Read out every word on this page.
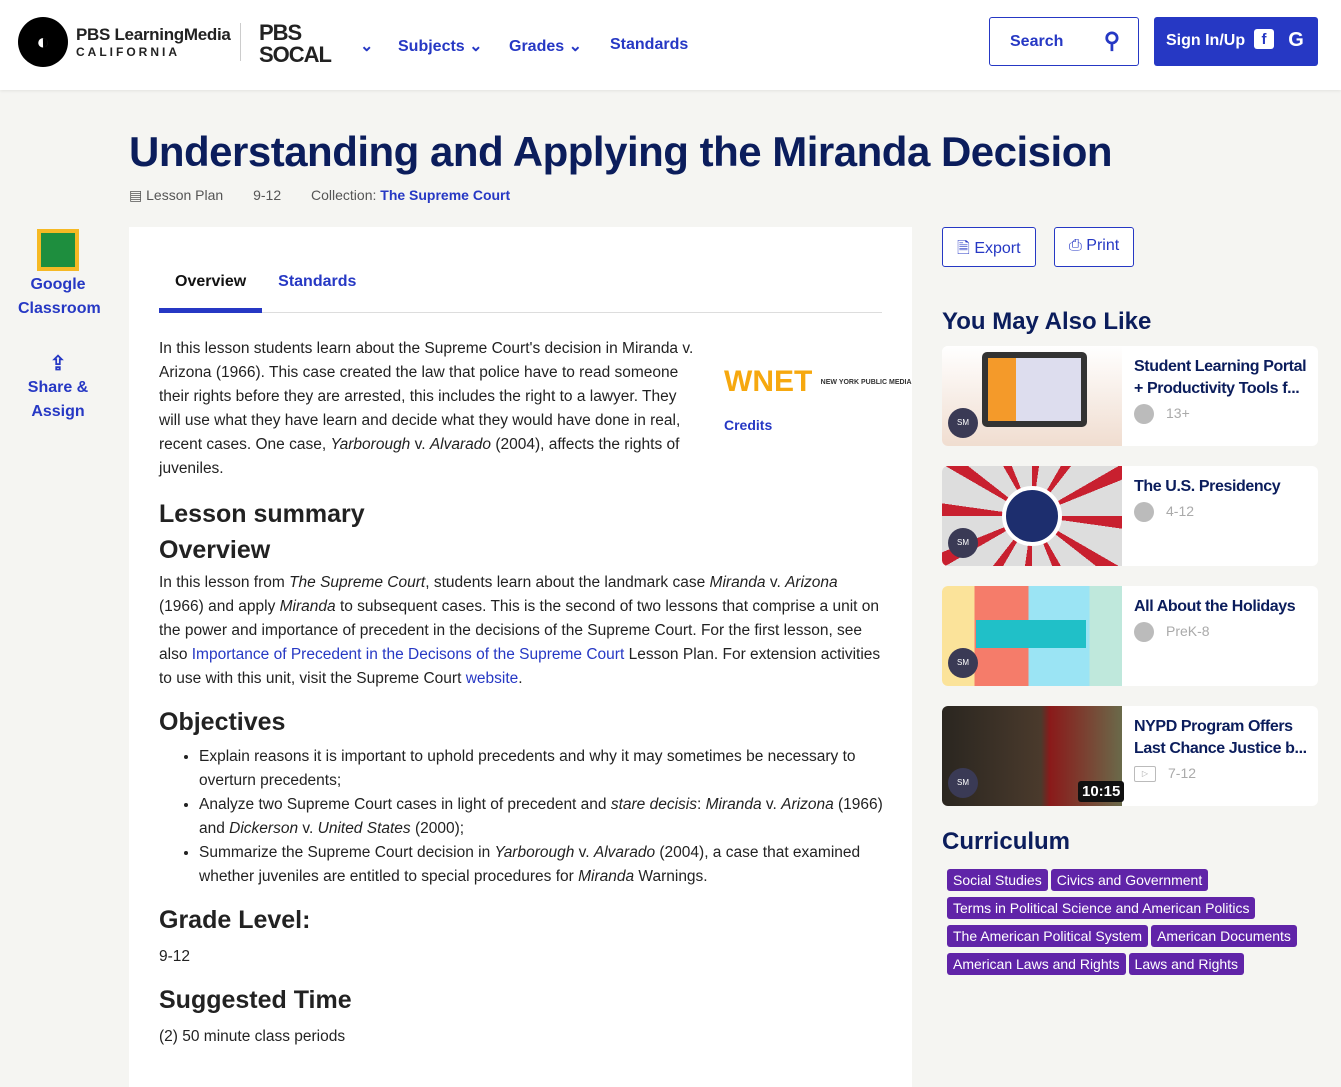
◐	PBS LearningMedia
CALIFORNIA
PBS
SOCAL ⌄ Subjects ⌄ Grades ⌄ Standards	Search ⚲	Sign In/Up	f	G
Understanding and Applying the Miranda Decision
▤ Lesson Plan 9-12 Collection: The Supreme Court
Google Classroom
⇪
Share & Assign
Overview	Standards
In this lesson students learn about the Supreme Court's decision in Miranda v. Arizona (1966). This case created the law that police have to read someone their rights before they are arrested, this includes the right to a lawyer. They will use what they have learn and decide what they would have done in real, recent cases. One case, Yarborough v. Alvarado (2004), affects the rights of juveniles.
WNET NEW YORK PUBLIC MEDIA
Credits
Lesson summary
Overview
In this lesson from The Supreme Court, students learn about the landmark case Miranda v. Arizona (1966) and apply Miranda to subsequent cases. This is the second of two lessons that comprise a unit on the power and importance of precedent in the decisions of the Supreme Court. For the first lesson, see also Importance of Precedent in the Decisons of the Supreme Court Lesson Plan. For extension activities to use with this unit, visit the Supreme Court website.
Objectives
• Explain reasons it is important to uphold precedents and why it may sometimes be necessary to overturn precedents;
• Analyze two Supreme Court cases in light of precedent and stare decisis: Miranda v. Arizona (1966) and Dickerson v. United States (2000);
• Summarize the Supreme Court decision in Yarborough v. Alvarado (2004), a case that examined whether juveniles are entitled to special procedures for Miranda Warnings.
Grade Level:
9-12
Suggested Time
(2) 50 minute class periods
🗎 Export	⎙ Print
You May Also Like
SM
Student Learning Portal + Productivity Tools f...
13+
SM
The U.S. Presidency
4-12
SM
All About the Holidays
PreK-8
SM
10:15
NYPD Program Offers Last Chance Justice b...
▷ 7-12
Curriculum
Social Studies Civics and Government
Terms in Political Science and American Politics
The American Political System American Documents
American Laws and Rights Laws and Rights
